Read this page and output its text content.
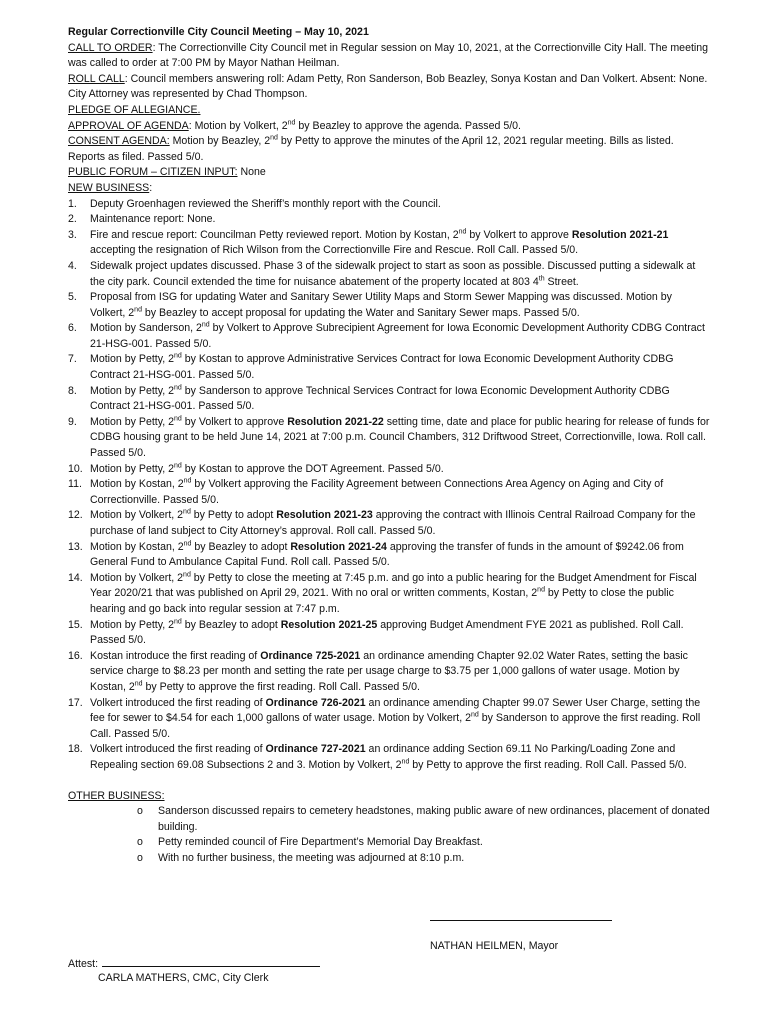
Regular Correctionville City Council Meeting – May 10, 2021
CALL TO ORDER: The Correctionville City Council met in Regular session on May 10, 2021, at the Correctionville City Hall. The meeting was called to order at 7:00 PM by Mayor Nathan Heilman.
ROLL CALL: Council members answering roll: Adam Petty, Ron Sanderson, Bob Beazley, Sonya Kostan and Dan Volkert. Absent: None. City Attorney was represented by Chad Thompson.
PLEDGE OF ALLEGIANCE.
APPROVAL OF AGENDA: Motion by Volkert, 2nd by Beazley to approve the agenda. Passed 5/0.
CONSENT AGENDA: Motion by Beazley, 2nd by Petty to approve the minutes of the April 12, 2021 regular meeting. Bills as listed. Reports as filed. Passed 5/0.
PUBLIC FORUM – CITIZEN INPUT: None
NEW BUSINESS:
1. Deputy Groenhagen reviewed the Sheriff’s monthly report with the Council.
2. Maintenance report: None.
3. Fire and rescue report: Councilman Petty reviewed report. Motion by Kostan, 2nd by Volkert to approve Resolution 2021-21 accepting the resignation of Rich Wilson from the Correctionville Fire and Rescue. Roll Call. Passed 5/0.
4. Sidewalk project updates discussed. Phase 3 of the sidewalk project to start as soon as possible. Discussed putting a sidewalk at the city park. Council extended the time for nuisance abatement of the property located at 803 4th Street.
5. Proposal from ISG for updating Water and Sanitary Sewer Utility Maps and Storm Sewer Mapping was discussed. Motion by Volkert, 2nd by Beazley to accept proposal for updating the Water and Sanitary Sewer maps. Passed 5/0.
6. Motion by Sanderson, 2nd by Volkert to Approve Subrecipient Agreement for Iowa Economic Development Authority CDBG Contract 21-HSG-001. Passed 5/0.
7. Motion by Petty, 2nd by Kostan to approve Administrative Services Contract for Iowa Economic Development Authority CDBG Contract 21-HSG-001. Passed 5/0.
8. Motion by Petty, 2nd by Sanderson to approve Technical Services Contract for Iowa Economic Development Authority CDBG Contract 21-HSG-001. Passed 5/0.
9. Motion by Petty, 2nd by Volkert to approve Resolution 2021-22 setting time, date and place for public hearing for release of funds for CDBG housing grant to be held June 14, 2021 at 7:00 p.m. Council Chambers, 312 Driftwood Street, Correctionville, Iowa. Roll call. Passed 5/0.
10. Motion by Petty, 2nd by Kostan to approve the DOT Agreement. Passed 5/0.
11. Motion by Kostan, 2nd by Volkert approving the Facility Agreement between Connections Area Agency on Aging and City of Correctionville. Passed 5/0.
12. Motion by Volkert, 2nd by Petty to adopt Resolution 2021-23 approving the contract with Illinois Central Railroad Company for the purchase of land subject to City Attorney’s approval. Roll call. Passed 5/0.
13. Motion by Kostan, 2nd by Beazley to adopt Resolution 2021-24 approving the transfer of funds in the amount of $9242.06 from General Fund to Ambulance Capital Fund. Roll call. Passed 5/0.
14. Motion by Volkert, 2nd by Petty to close the meeting at 7:45 p.m. and go into a public hearing for the Budget Amendment for Fiscal Year 2020/21 that was published on April 29, 2021. With no oral or written comments, Kostan, 2nd by Petty to close the public hearing and go back into regular session at 7:47 p.m.
15. Motion by Petty, 2nd by Beazley to adopt Resolution 2021-25 approving Budget Amendment FYE 2021 as published. Roll Call. Passed 5/0.
16. Kostan introduce the first reading of Ordinance 725-2021 an ordinance amending Chapter 92.02 Water Rates, setting the basic service charge to $8.23 per month and setting the rate per usage charge to $3.75 per 1,000 gallons of water usage. Motion by Kostan, 2nd by Petty to approve the first reading. Roll Call. Passed 5/0.
17. Volkert introduced the first reading of Ordinance 726-2021 an ordinance amending Chapter 99.07 Sewer User Charge, setting the fee for sewer to $4.54 for each 1,000 gallons of water usage. Motion by Volkert, 2nd by Sanderson to approve the first reading. Roll Call. Passed 5/0.
18. Volkert introduced the first reading of Ordinance 727-2021 an ordinance adding Section 69.11 No Parking/Loading Zone and Repealing section 69.08 Subsections 2 and 3. Motion by Volkert, 2nd by Petty to approve the first reading. Roll Call. Passed 5/0.
OTHER BUSINESS:
o Sanderson discussed repairs to cemetery headstones, making public aware of new ordinances, placement of donated building.
o Petty reminded council of Fire Department’s Memorial Day Breakfast.
o With no further business, the meeting was adjourned at 8:10 p.m.
NATHAN HEILMEN, Mayor
Attest:
CARLA MATHERS, CMC, City Clerk
